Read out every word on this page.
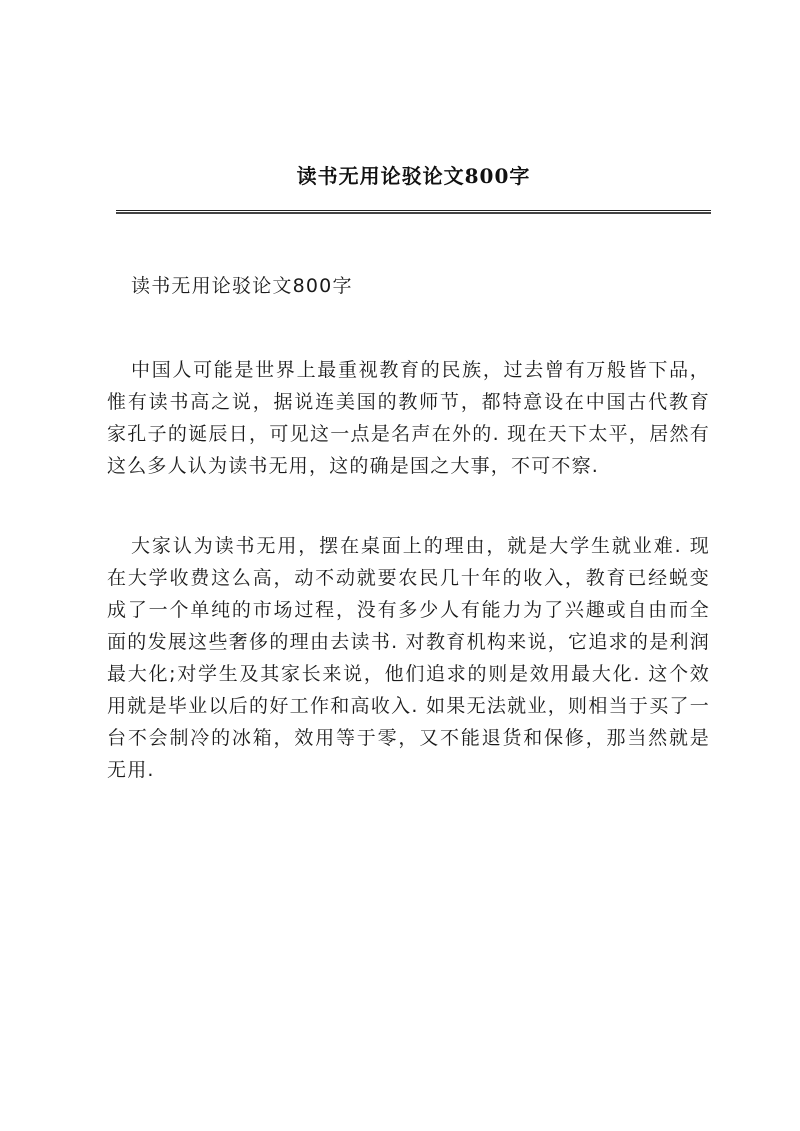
读书无用论驳论文800字

读书无用论驳论文800字

中国人可能是世界上最重视教育的民族，过去曾有万般皆下品，惟有读书高之说，据说连美国的教师节，都特意设在中国古代教育家孔子的诞辰日，可见这一点是名声在外的. 现在天下太平，居然有这么多人认为读书无用，这的确是国之大事，不可不察.

大家认为读书无用，摆在桌面上的理由，就是大学生就业难. 现在大学收费这么高，动不动就要农民几十年的收入，教育已经蜕变成了一个单纯的市场过程，没有多少人有能力为了兴趣或自由而全面的发展这些奢侈的理由去读书. 对教育机构来说，它追求的是利润最大化;对学生及其家长来说，他们追求的则是效用最大化. 这个效用就是毕业以后的好工作和高收入. 如果无法就业，则相当于买了一台不会制冷的冰箱，效用等于零，又不能退货和保修，那当然就是无用.
